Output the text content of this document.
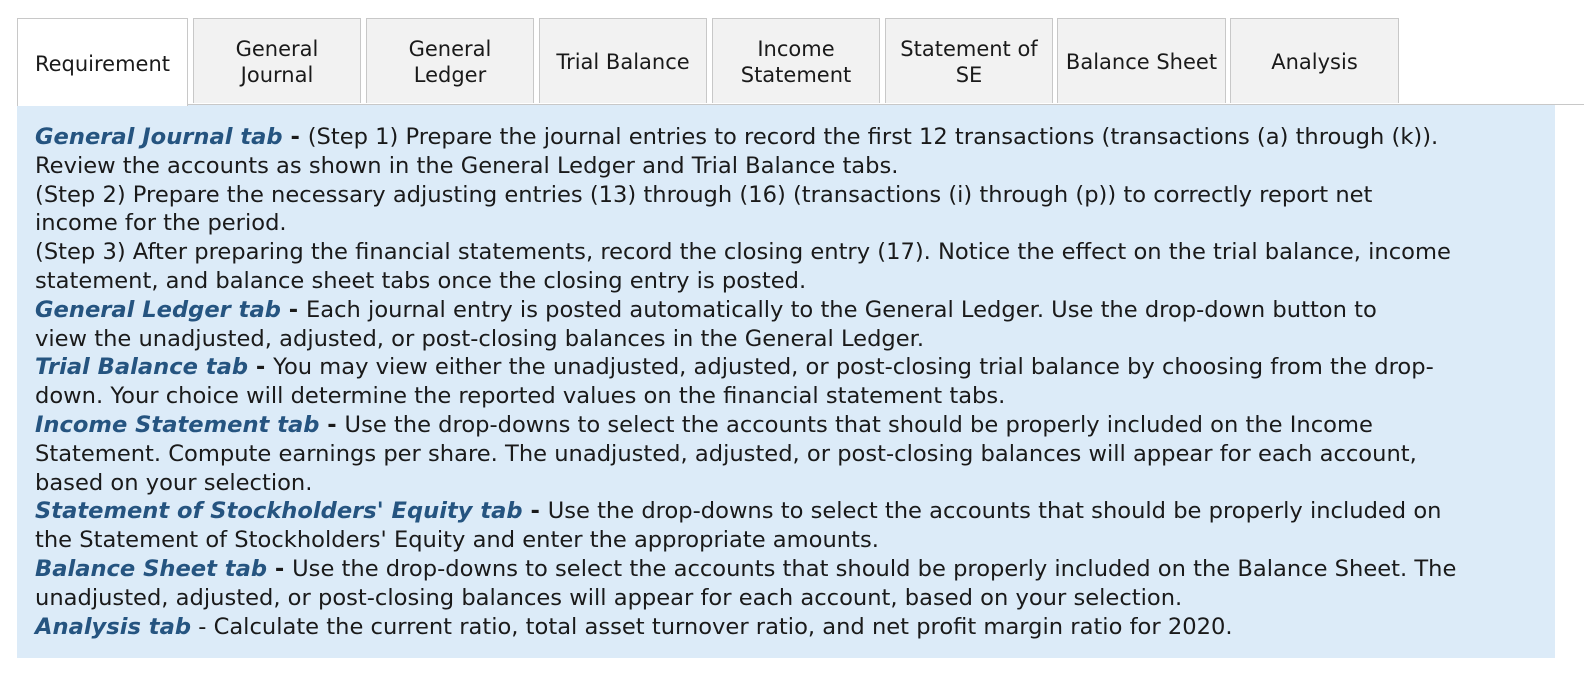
Requirement
General
Journal
General
Ledger
Trial Balance
Income
Statement
Statement of
SE
Balance Sheet	Analysis
General Journal tab - (Step 1) Prepare the journal entries to record the first 12 transactions (transactions (a) through (k)).
Review the accounts as shown in the General Ledger and Trial Balance tabs.
(Step 2) Prepare the necessary adjusting entries (13) through (16) (transactions (i) through (p)) to correctly report net
income for the period.
(Step 3) After preparing the financial statements, record the closing entry (17). Notice the effect on the trial balance, income
statement, and balance sheet tabs once the closing entry is posted.
General Ledger tab - Each journal entry is posted automatically to the General Ledger. Use the drop-down button to
view the unadjusted, adjusted, or post-closing balances in the General Ledger.
Trial Balance tab - You may view either the unadjusted, adjusted, or post-closing trial balance by choosing from the drop-
down. Your choice will determine the reported values on the financial statement tabs.
Income Statement tab - Use the drop-downs to select the accounts that should be properly included on the Income
Statement. Compute earnings per share. The unadjusted, adjusted, or post-closing balances will appear for each account,
based on your selection.
Statement of Stockholders' Equity tab - Use the drop-downs to select the accounts that should be properly included on
the Statement of Stockholders' Equity and enter the appropriate amounts.
Balance Sheet tab - Use the drop-downs to select the accounts that should be properly included on the Balance Sheet. The
unadjusted, adjusted, or post-closing balances will appear for each account, based on your selection.
Analysis tab - Calculate the current ratio, total asset turnover ratio, and net profit margin ratio for 2020.
